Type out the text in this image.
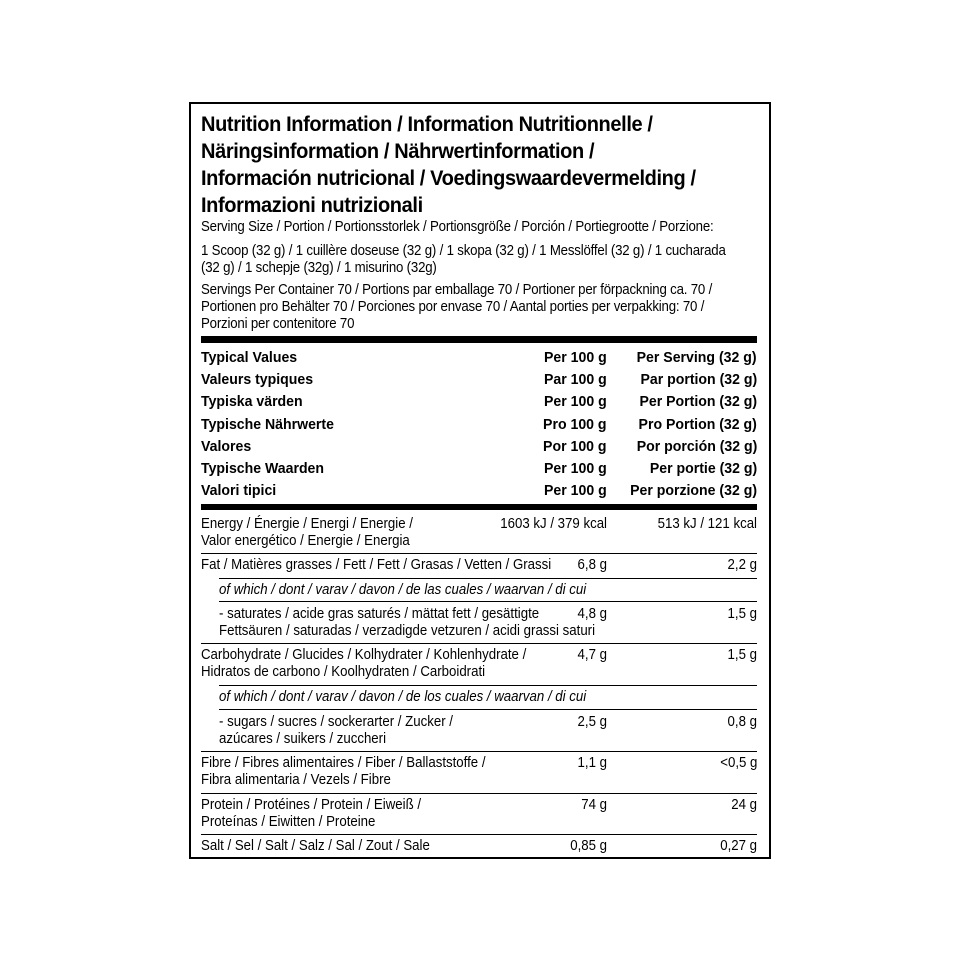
Nutrition Information / Information Nutritionnelle /
Näringsinformation / Nährwertinformation /
Información nutricional / Voedingswaardevermelding /
Informazioni nutrizionali
Serving Size / Portion / Portionsstorlek / Portionsgröße / Porción / Portiegrootte / Porzione:
1 Scoop (32 g) / 1 cuillère doseuse (32 g) / 1 skopa (32 g) / 1 Messlöffel (32 g) / 1 cucharada
(32 g) / 1 schepje (32g) / 1 misurino (32g)
Servings Per Container 70 / Portions par emballage 70 / Portioner per förpackning ca. 70 /
Portionen pro Behälter 70 / Porciones por envase 70 / Aantal porties per verpakking: 70 /
Porzioni per contenitore 70
Typical Values	Per 100 g Per Serving (32 g)
Valeurs typiques	Par 100 g Par portion (32 g)
Typiska värden	Per 100 g Per Portion (32 g)
Typische Nährwerte	Pro 100 g Pro Portion (32 g)
Valores	Por 100 g Por porción (32 g)
Typische Waarden	Per 100 g	Per portie (32 g)
Valori tipici	Per 100 g Per porzione (32 g)
Energy / Énergie / Energi / Energie /
Valor energético / Energie / Energia
1603 kJ / 379 kcal	513 kJ / 121 kcal
Fat / Matières grasses / Fett / Fett / Grasas / Vetten / Grassi 6,8 g	2,2 g
of which / dont / varav / davon / de las cuales / waarvan / di cui
- saturates / acide gras saturés / mättat fett / gesättigte
Fettsäuren / saturadas / verzadigde vetzuren / acidi grassi saturi
4,8 g	1,5 g
Carbohydrate / Glucides / Kolhydrater / Kohlenhydrate /
Hidratos de carbono / Koolhydraten / Carboidrati
4,7 g	1,5 g
of which / dont / varav / davon / de los cuales / waarvan / di cui
- sugars / sucres / sockerarter / Zucker /
azúcares / suikers / zuccheri
2,5 g	0,8 g
Fibre / Fibres alimentaires / Fiber / Ballaststoffe /
Fibra alimentaria / Vezels / Fibre
1,1 g	<0,5 g
Protein / Protéines / Protein / Eiweiß /
Proteínas / Eiwitten / Proteine
74 g	24 g
Salt / Sel / Salt / Salz / Sal / Zout / Sale	0,85 g	0,27 g
